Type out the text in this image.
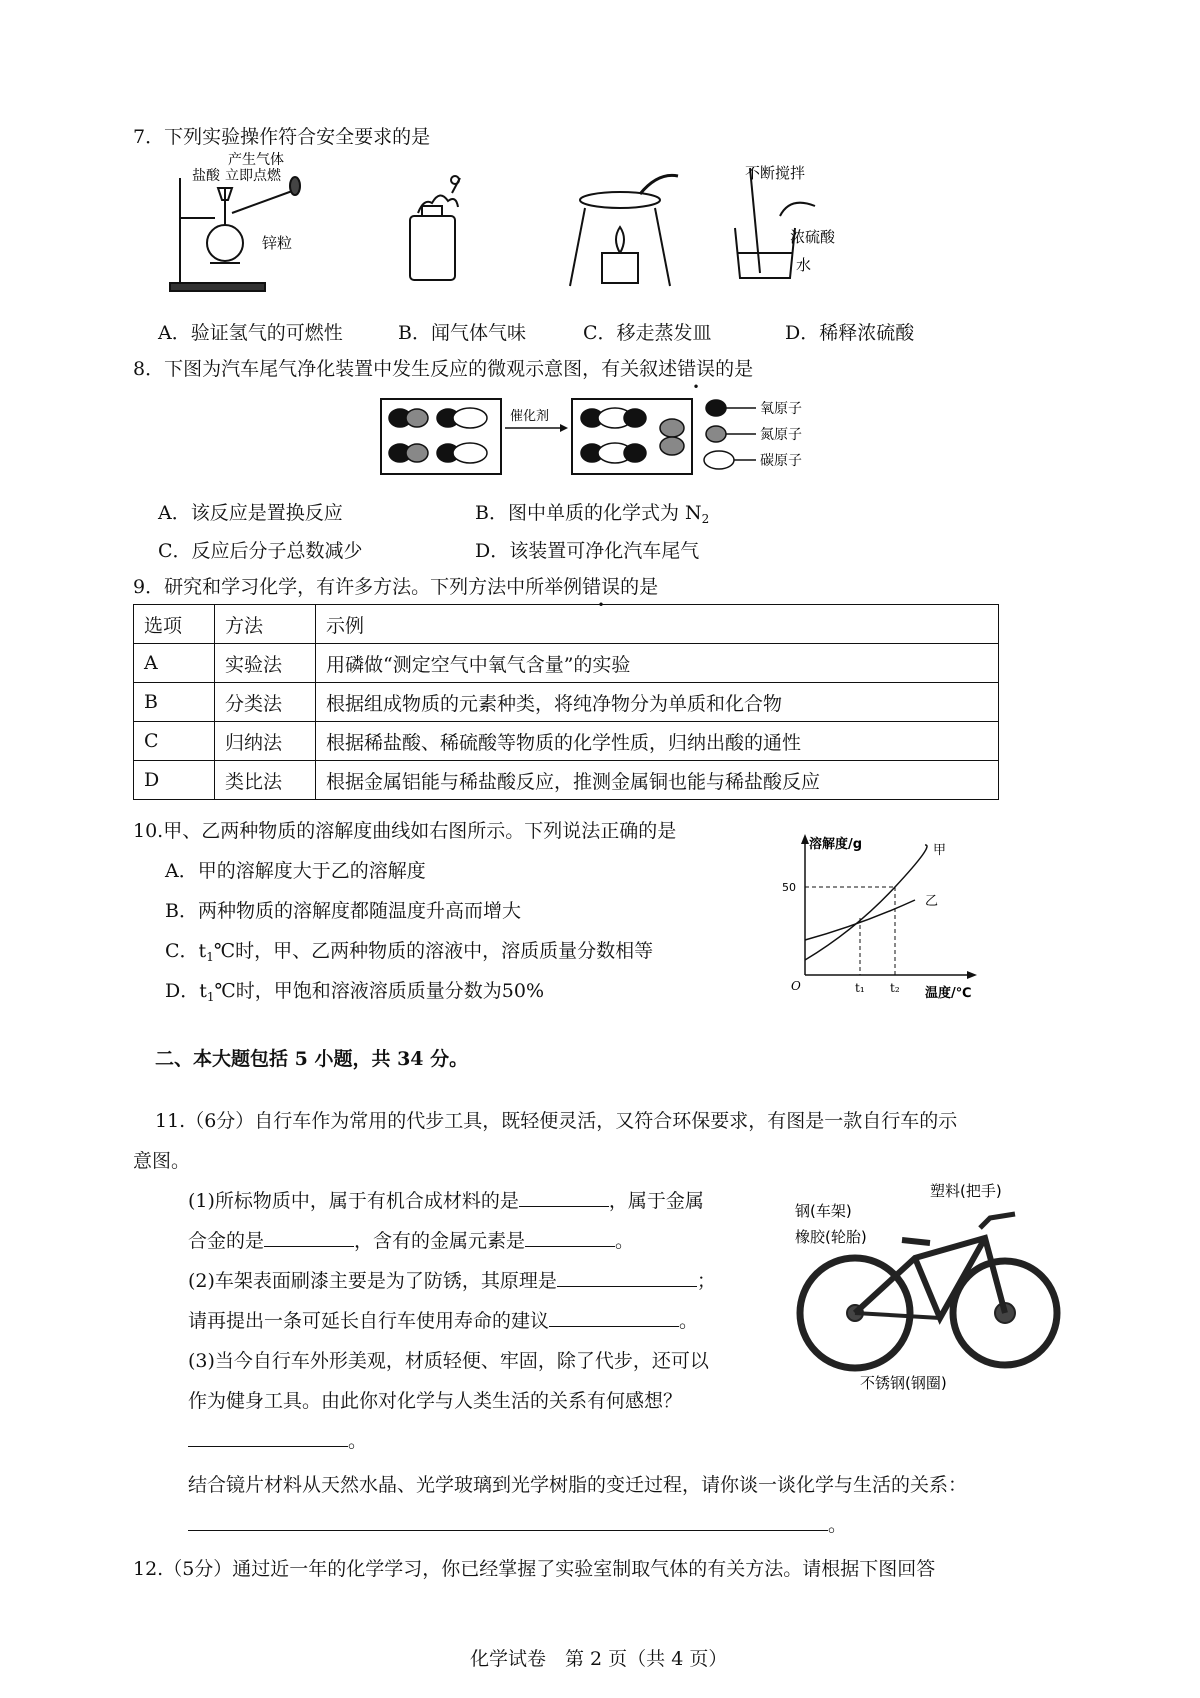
7．下列实验操作符合安全要求的是
产生气体
盐酸 立即点燃
锌粒
不断搅拌
浓硫酸
水
A．验证氢气的可燃性	B．闻气体气味	C．移走蒸发皿	D．稀释浓硫酸
8．下图为汽车尾气净化装置中发生反应的微观示意图，有关叙述错误的是
催化剂	氧原子
氮原子
碳原子
A．该反应是置换反应	B．图中单质的化学式为 $N_2$
C．反应后分子总数减少	D．该装置可净化汽车尾气
9．研究和学习化学，有许多方法。下列方法中所举例错误的是
选项	方法	示例
A	实验法	用磷做“测定空气中氧气含量”的实验
B	分类法	根据组成物质的元素种类，将纯净物分为单质和化合物
C	归纳法	根据稀盐酸、稀硫酸等物质的化学性质，归纳出酸的通性
D	类比法	根据金属铝能与稀盐酸反应，推测金属铜也能与稀盐酸反应
10.甲、乙两种物质的溶解度曲线如右图所示。下列说法正确的是
A．甲的溶解度大于乙的溶解度
B．两种物质的溶解度都随温度升高而增大
C．$t_1℃$时，甲、乙两种物质的溶液中，溶质质量分数相等
D．$t_1℃$时，甲饱和溶液溶质质量分数为50%
溶解度/g
温度/℃
O
50
t₁ t₂
甲
乙
二、本大题包括 5 小题，共 34 分。
11.（6分）自行车作为常用的代步工具，既轻便灵活，又符合环保要求，有图是一款自行车的示
意图。
(1)所标物质中，属于有机合成材料的是	，属于金属
合金的是	，含有的金属元素是	。
(2)车架表面刷漆主要是为了防锈，其原理是	；
请再提出一条可延长自行车使用寿命的建议	。
(3)当今自行车外形美观，材质轻便、牢固，除了代步，还可以
作为健身工具。由此你对化学与人类生活的关系有何感想？
。
结合镜片材料从天然水晶、光学玻璃到光学树脂的变迁过程，请你谈一谈化学与生活的关系：
。
塑料(把手)
钢(车架)
橡胶(轮胎)
不锈钢(钢圈)
12.（5分）通过近一年的化学学习，你已经掌握了实验室制取气体的有关方法。请根据下图回答
化学试卷　第 2 页（共 4 页）
